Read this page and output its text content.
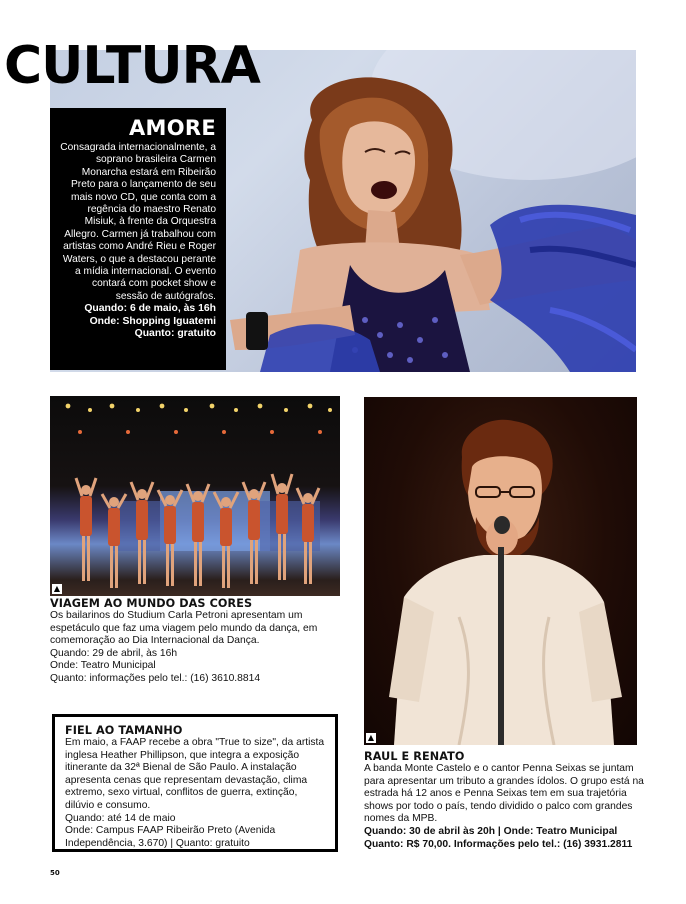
CULTURA
AMORE

Consagrada internacionalmente, a soprano brasileira Carmen Monarcha estará em Ribeirão Preto para o lançamento de seu mais novo CD, que conta com a regência do maestro Renato Misiuk, à frente da Orquestra Allegro. Carmen já trabalhou com artistas como André Rieu e Roger Waters, o que a destacou perante a mídia internacional. O evento contará com pocket show e sessão de autógrafos.

Quando: 6 de maio, às 16h
Onde: Shopping Iguatemi
Quanto: gratuito
▲
VIAGEM AO MUNDO DAS CORES

Os bailarinos do Studium Carla Petroni apresentam um espetáculo que faz uma viagem pelo mundo da dança, em comemoração ao Dia Internacional da Dança.

Quando: 29 de abril, às 16h
Onde: Teatro Municipal
Quanto: informações pelo tel.: (16) 3610.8814
▲
FIEL AO TAMANHO

Em maio, a FAAP recebe a obra "True to size", da artista inglesa Heather Phillipson, que integra a exposição itinerante da 32ª Bienal de São Paulo. A instalação apresenta cenas que representam devastação, clima extremo, sexo virtual, conflitos de guerra, extinção, dilúvio e consumo.

Quando: até 14 de maio
Onde: Campus FAAP Ribeirão Preto (Avenida Independência, 3.670) | Quanto: gratuito
RAUL E RENATO

A banda Monte Castelo e o cantor Penna Seixas se juntam para apresentar um tributo a grandes ídolos. O grupo está na estrada há 12 anos e Penna Seixas tem em sua trajetória shows por todo o país, tendo dividido o palco com grandes nomes da MPB.

Quando: 30 de abril às 20h | Onde: Teatro Municipal
Quanto: R$ 70,00. Informações pelo tel.: (16) 3931.2811
50
